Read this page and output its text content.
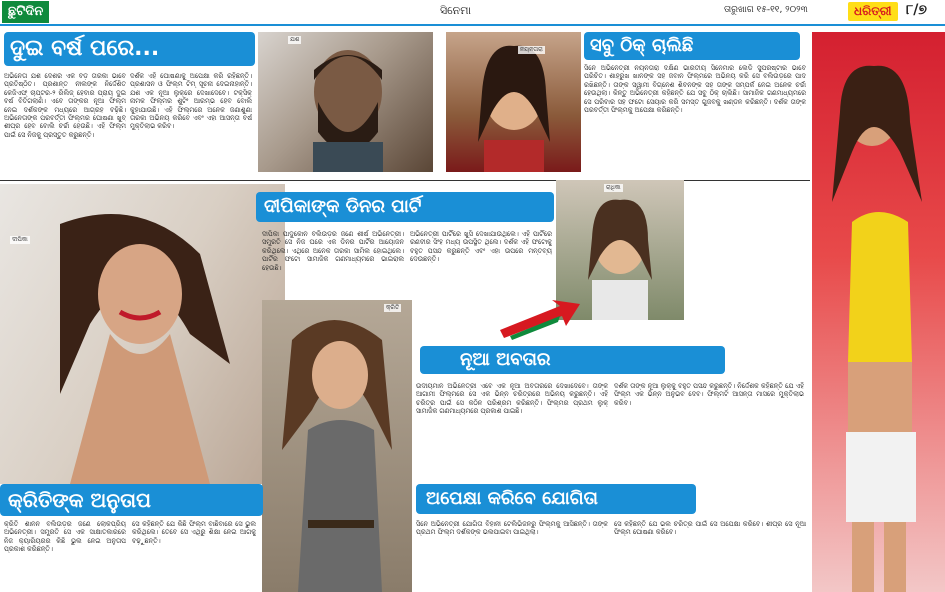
ଛୁଟିଦିନ	ସିନେମା	ତାରୁଖାଗ ୧୫-୧୧, ୨୦୨୩	ଧରିତ୍ରୀ	୮/୭
ଦୁଇ ବର୍ଷ ପରେ...
ଅଭିନେତା ଯଶ ଦେଶର ଏକ ବଡ଼ ତାରକା ଭାବେ ପ୍ରତିଷ୍ଠିତ। ପ୍ରଶାନ୍ତ ନୀଲଙ୍କ ନିର୍ଦ୍ଦେଶିତ କେଜିଏଫ୍ ଚାପ୍ଟର-୨ ରିଲିଜ୍ ହେବାର ପ୍ରାୟ ଦୁଇ ବର୍ଷ ବିତିଗଲାଣି। ଏବେ ତାଙ୍କର ନୂଆ ଫିଲ୍ମ ନେଇ ଦର୍ଶକଙ୍କ ମଧ୍ୟରେ ଆଗ୍ରହ ବଢ଼ିଛି। ଅଭିନେତାଙ୍କ ପରବର୍ତ୍ତୀ ଫିଲ୍ମର ଘୋଷଣା ଖୁବ୍ ଶୀଘ୍ର ହେବ ବୋଲି ଚର୍ଚ୍ଚା ହେଉଛି। ଏହି ଫିଲ୍ମ ପାଇଁ ସେ ନିଜକୁ ପ୍ରସ୍ତୁତ କରୁଛନ୍ତି।
ଦର୍ଶକ ଏହି ଘୋଷଣାକୁ ଅପେକ୍ଷା କରି ରହିଛନ୍ତି। ପ୍ରଶାସନ ଓ ଫିଲ୍ମ ଟିମ୍ ସୂଚନା ଦେଇନାହାନ୍ତି। ଯଶ ଏକ ନୂଆ ଲୁକ୍‌ରେ ଦେଖାଦେବେ। ଟକ୍ସିକ୍ ନାମକ ଫିଲ୍ମର ଶୁଟିଂ ଆରମ୍ଭ ହେବ ବୋଲି କୁହାଯାଉଛି। ଏହି ଫିଲ୍ମରେ ଅନେକ ଜଣାଶୁଣା ତାରକା ଅଭିନୟ କରିବେ ଏବଂ ଏହା ଆସନ୍ତା ବର୍ଷ ମୁକ୍ତିଲାଭ କରିବ।
ଯଶ
ନୟନତାରା	ସବୁ ଠିକ୍ ଚାଲିଛି
ସିନେ ଅଭିନେତ୍ରୀ ନୟନତାରା ଦକ୍ଷିଣ ଭାରତୀୟ ସିନେମାର ଲେଡି ସୁପରଷ୍ଟାର ଭାବେ ପରିଚିତ। ଶାହରୁଖ ଖାନଙ୍କ ସହ ଜବାନ ଫିଲ୍ମରେ ଅଭିନୟ କରି ସେ ବଲିଉଡ଼ରେ ପାଦ ରଖିଛନ୍ତି। ତାଙ୍କ ସ୍ୱାମୀ ବିଗ୍ନେଶ ଶିବନଙ୍କ ସହ ତାଙ୍କ ସମ୍ପର୍କ ନେଇ ଅନେକ ଚର୍ଚ୍ଚା ହେଉଥିଲା। କିନ୍ତୁ ଅଭିନେତ୍ରୀ କହିଛନ୍ତି ଯେ ସବୁ ଠିକ୍ ଚାଲିଛି। ସାମାଜିକ ଗଣମାଧ୍ୟମରେ ସେ ପରିବାର ସହ ଫଟୋ ସେୟାର କରି ସମସ୍ତ ଗୁଜବକୁ ଖଣ୍ଡନ କରିଛନ୍ତି। ଦର୍ଶକ ତାଙ୍କ ପରବର୍ତ୍ତୀ ଫିଲ୍ମକୁ ଅପେକ୍ଷା କରିଛନ୍ତି।
ଦୀପିକା
ଦୀପିକାଙ୍କ ଡିନର ପାର୍ଟି
ଦୀପିକା ପାଦୁକୋନ ବଲିଉଡ଼ର ଜଣେ ଶୀର୍ଷ ଅଭିନେତ୍ରୀ। ସମ୍ପ୍ରତି ସେ ନିଜ ଘରେ ଏକ ଡିନର ପାର୍ଟିର ଆୟୋଜନ କରିଥିଲେ। ଏଥିରେ ଅନେକ ତାରକା ସାମିଲ ହୋଇଥିଲେ। ପାର୍ଟିର ଫଟୋ ସାମାଜିକ ଗଣମାଧ୍ୟମରେ ଭାଇରାଲ ହେଉଛି।
ଅଭିନେତ୍ରୀ ପାର୍ଟିରେ ଖୁସି ଦେଖାଯାଉଥିଲେ। ଏହି ପାର୍ଟିରେ ରଣବୀର ସିଂହ ମଧ୍ୟ ଉପସ୍ଥିତ ଥିଲେ। ଦର୍ଶକ ଏହି ଫଟୋକୁ ବହୁତ ପସନ୍ଦ କରୁଛନ୍ତି ଏବଂ ଏହା ଉପରେ ମନ୍ତବ୍ୟ ଦେଉଛନ୍ତି।
ରାଧିକା
କ୍ରିତି
ନୂଆ ଅବତାର
ଉଦୀୟମାନ ଅଭିନେତ୍ରୀ ଏବେ ଏକ ନୂଆ ଅବତାରରେ ଦେଖାଦେବେ। ତାଙ୍କ ଆଗାମୀ ଫିଲ୍ମରେ ସେ ଏକ ଭିନ୍ନ ଚରିତ୍ରରେ ଅଭିନୟ କରୁଛନ୍ତି। ଏହି ଚରିତ୍ର ପାଇଁ ସେ କଠିନ ପରିଶ୍ରମ କରିଛନ୍ତି। ଫିଲ୍ମର ପ୍ରଥମ ଲୁକ୍ ସାମାଜିକ ଗଣମାଧ୍ୟମରେ ପ୍ରକାଶ ପାଇଛି।
ଦର୍ଶକ ତାଙ୍କ ନୂଆ ଲୁକ୍‌କୁ ବହୁତ ପସନ୍ଦ କରୁଛନ୍ତି। ନିର୍ଦ୍ଦେଶକ କହିଛନ୍ତି ଯେ ଏହି ଫିଲ୍ମ ଏକ ଭିନ୍ନ ଅନୁଭବ ଦେବ। ଫିଲ୍ମଟି ଆସନ୍ତା ମାସରେ ମୁକ୍ତିଲାଭ କରିବ।
କ୍ରିତିଙ୍କ ଅନୁତାପ
କ୍ରିତି ଶାନନ ବଲିଉଡ଼ର ଜଣେ ଲୋକପ୍ରିୟ ଅଭିନେତ୍ରୀ। ସମ୍ପ୍ରତି ସେ ଏକ ସାକ୍ଷାତକାରରେ ନିଜ କ୍ୟାରିୟରର କିଛି ଭୁଲ ନେଇ ଅନୁତାପ ପ୍ରକାଶ କରିଛନ୍ତି।
ସେ କହିଛନ୍ତି ଯେ କିଛି ଫିଲ୍ମ ବାଛିବାରେ ସେ ଭୁଲ କରିଥିଲେ। ତେବେ ସେ ଏଥିରୁ ଶିକ୍ଷା ନେଇ ଆଗକୁ ବଢ଼ୁଛନ୍ତି।
ଅପେକ୍ଷା କରିବେ ଯୋଗିତା
ସିନେ ଅଭିନେତ୍ରୀ ଯୋଗିତା ବିହାନୀ ଟେଲିଭିଜନରୁ ଫିଲ୍ମକୁ ଆସିଛନ୍ତି। ତାଙ୍କ ପ୍ରଥମ ଫିଲ୍ମ ଦର୍ଶକଙ୍କ ଭଲପାଇବା ପାଇଥିଲା।
ସେ କହିଛନ୍ତି ଯେ ଭଲ ଚରିତ୍ର ପାଇଁ ସେ ଅପେକ୍ଷା କରିବେ। ଶୀଘ୍ର ସେ ନୂଆ ଫିଲ୍ମ ଘୋଷଣା କରିବେ।
